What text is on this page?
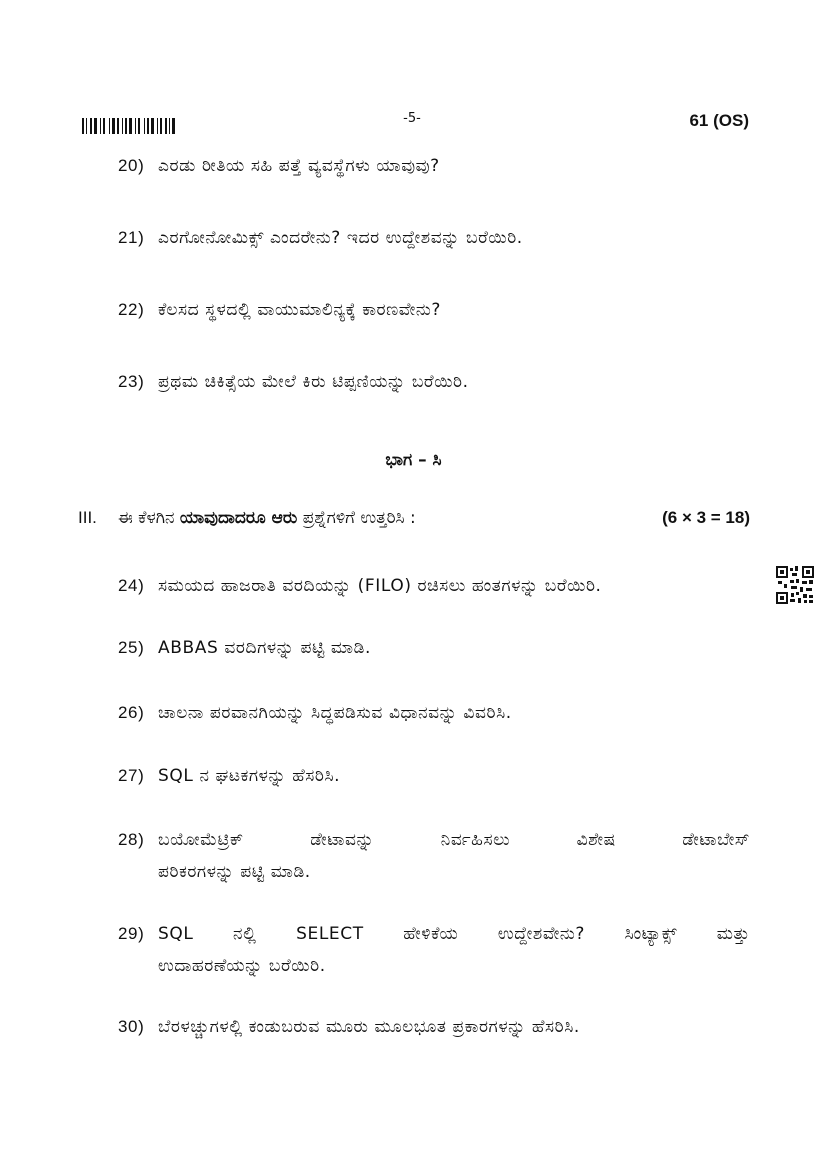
-5-	61 (OS)
20) ಎರಡು ರೀತಿಯ ಸಹಿ ಪತ್ತೆ ವ್ಯವಸ್ಥೆಗಳು ಯಾವುವು?
21) ಎರಗೋನೋಮಿಕ್ಸ್ ಎಂದರೇನು? ಇದರ ಉದ್ದೇಶವನ್ನು ಬರೆಯಿರಿ.
22) ಕೆಲಸದ ಸ್ಥಳದಲ್ಲಿ ವಾಯುಮಾಲಿನ್ಯಕ್ಕೆ ಕಾರಣವೇನು?
23) ಪ್ರಥಮ ಚಿಕಿತ್ಸೆಯ ಮೇಲೆ ಕಿರು ಟಿಪ್ಪಣಿಯನ್ನು ಬರೆಯಿರಿ.
ಭಾಗ – ಸಿ
III. ಈ ಕೆಳಗಿನ ಯಾವುದಾದರೂ ಆರು ಪ್ರಶ್ನೆಗಳಿಗೆ ಉತ್ತರಿಸಿ :	(6 × 3 = 18)
24) ಸಮಯದ ಹಾಜರಾತಿ ವರದಿಯನ್ನು (FILO) ರಚಿಸಲು ಹಂತಗಳನ್ನು ಬರೆಯಿರಿ.
25) ABBAS ವರದಿಗಳನ್ನು ಪಟ್ಟಿ ಮಾಡಿ.
26) ಚಾಲನಾ ಪರವಾನಗಿಯನ್ನು ಸಿದ್ಧಪಡಿಸುವ ವಿಧಾನವನ್ನು ವಿವರಿಸಿ.
27) SQL ನ ಘಟಕಗಳನ್ನು ಹೆಸರಿಸಿ.
28) ಬಯೋಮೆಟ್ರಿಕ್ ಡೇಟಾವನ್ನು ನಿರ್ವಹಿಸಲು ವಿಶೇಷ ಡೇಟಾಬೇಸ್
ಪರಿಕರಗಳನ್ನು ಪಟ್ಟಿ ಮಾಡಿ.
29) SQL ನಲ್ಲಿ SELECT ಹೇಳಿಕೆಯ ಉದ್ದೇಶವೇನು? ಸಿಂಟ್ಯಾಕ್ಸ್ ಮತ್ತು
ಉದಾಹರಣೆಯನ್ನು ಬರೆಯಿರಿ.
30) ಬೆರಳಚ್ಚುಗಳಲ್ಲಿ ಕಂಡುಬರುವ ಮೂರು ಮೂಲಭೂತ ಪ್ರಕಾರಗಳನ್ನು ಹೆಸರಿಸಿ.
